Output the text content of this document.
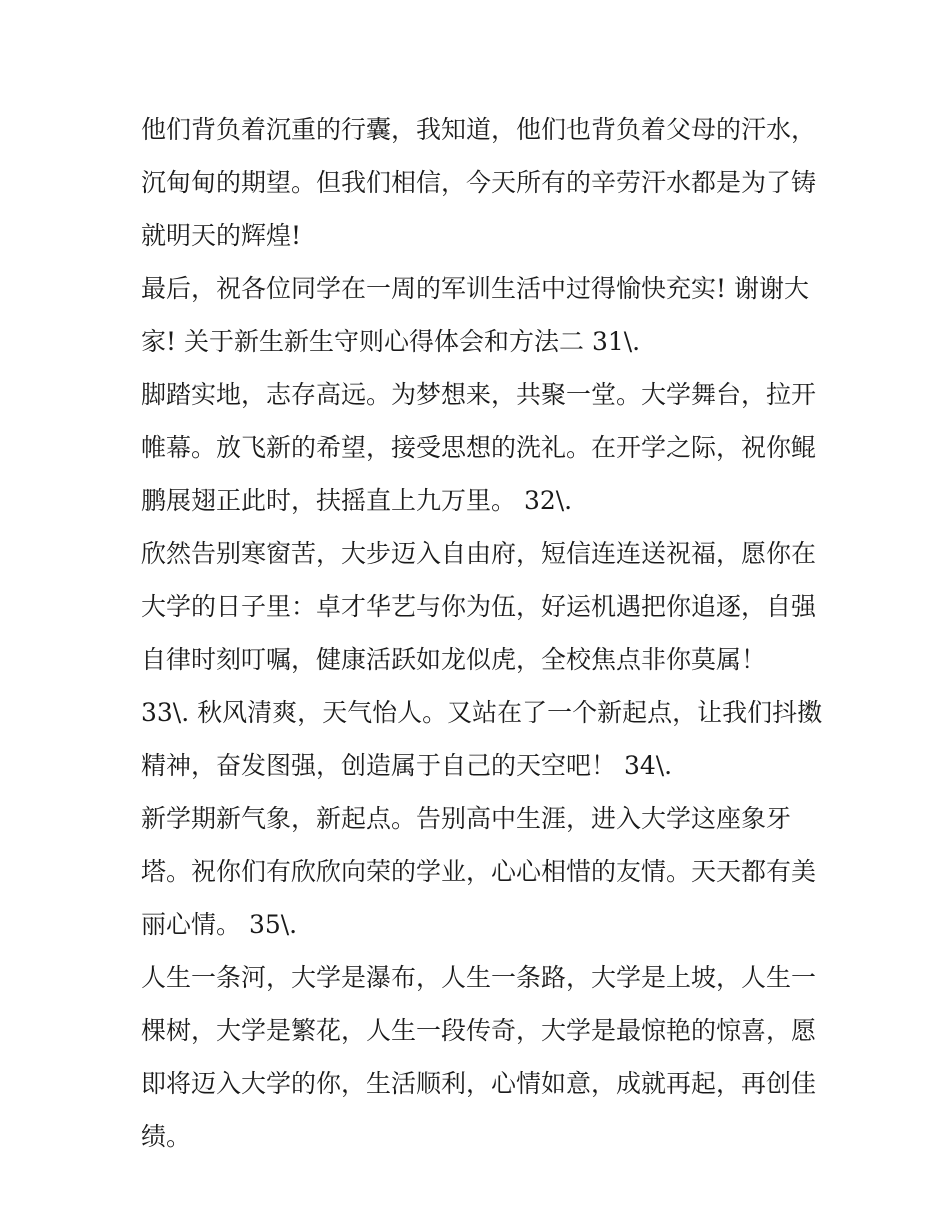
他们背负着沉重的行囊，我知道，他们也背负着父母的汗水，
沉甸甸的期望。但我们相信，今天所有的辛劳汗水都是为了铸
就明天的辉煌!
最后，祝各位同学在一周的军训生活中过得愉快充实! 谢谢大
家! 关于新生新生守则心得体会和方法二 31\.
脚踏实地，志存高远。为梦想来，共聚一堂。大学舞台，拉开
帷幕。放飞新的希望，接受思想的洗礼。在开学之际，祝你鲲
鹏展翅正此时，扶摇直上九万里。 32\.
欣然告别寒窗苦，大步迈入自由府，短信连连送祝福，愿你在
大学的日子里：卓才华艺与你为伍，好运机遇把你追逐，自强
自律时刻叮嘱，健康活跃如龙似虎，全校焦点非你莫属！
33\. 秋风清爽，天气怡人。又站在了一个新起点，让我们抖擞
精神，奋发图强，创造属于自己的天空吧！ 34\.
新学期新气象，新起点。告别高中生涯，进入大学这座象牙
塔。祝你们有欣欣向荣的学业，心心相惜的友情。天天都有美
丽心情。 35\.
人生一条河，大学是瀑布，人生一条路，大学是上坡，人生一
棵树，大学是繁花，人生一段传奇，大学是最惊艳的惊喜，愿
即将迈入大学的你，生活顺利，心情如意，成就再起，再创佳
绩。
